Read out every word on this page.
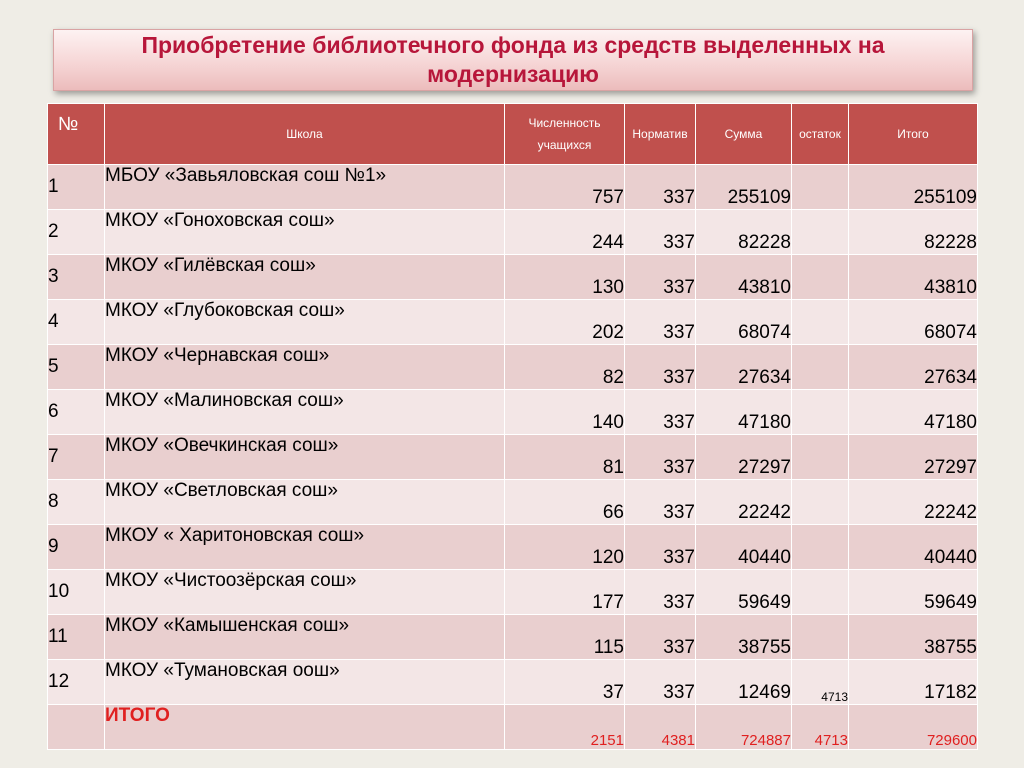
Приобретение библиотечного фонда из средств выделенных на модернизацию
№	Школа	Численность учащихся	Норматив	Сумма	остаток	Итого
1	МБОУ «Завьяловская сош №1»	757	337	255109		255109
2	МКОУ «Гоноховская сош»	244	337	82228		82228
3	МКОУ «Гилёвская сош»	130	337	43810		43810
4	МКОУ «Глубоковская сош»	202	337	68074		68074
5	МКОУ «Чернавская сош»	82	337	27634		27634
6	МКОУ «Малиновская сош»	140	337	47180		47180
7	МКОУ «Овечкинская сош»	81	337	27297		27297
8	МКОУ «Светловская сош»	66	337	22242		22242
9	МКОУ « Харитоновская сош»	120	337	40440		40440
10	МКОУ «Чистоозёрская сош»	177	337	59649		59649
11	МКОУ «Камышенская сош»	115	337	38755		38755
12	МКОУ «Тумановская оош»	37	337	12469	4713	17182
	ИТОГО	2151	4381	724887	4713	729600
